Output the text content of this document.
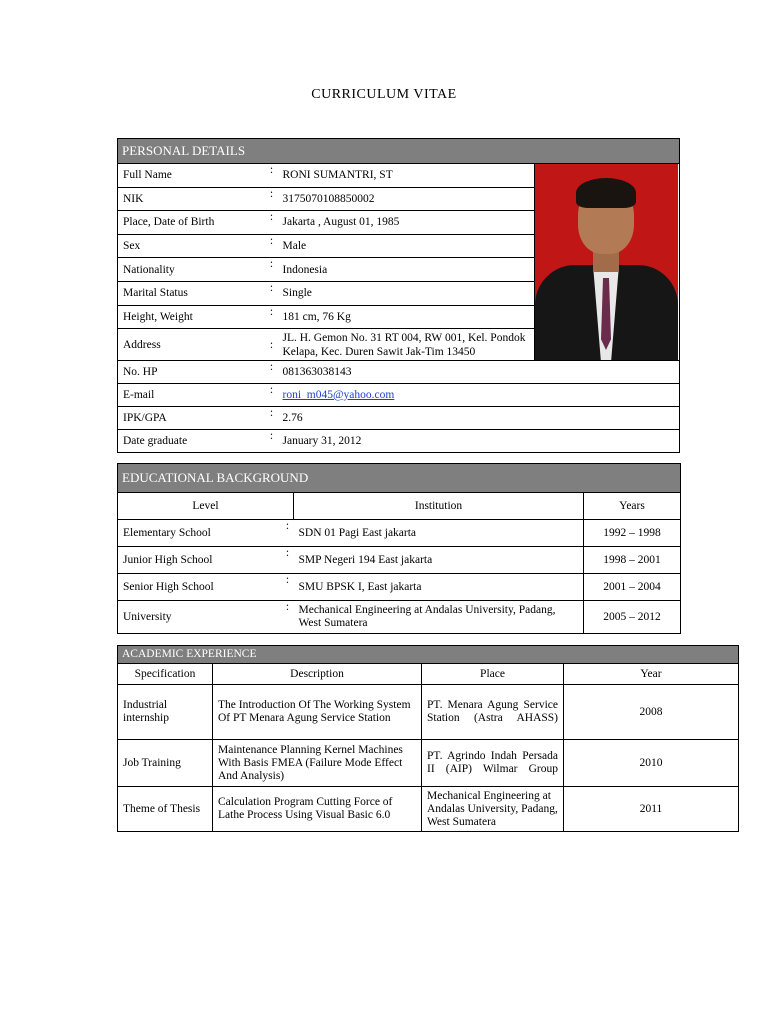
CURRICULUM VITAE
PERSONAL DETAILS			
Full Name	:	RONI SUMANTRI, ST	

NIK	:	3175070108850002	
Place, Date of Birth	:	Jakarta , August 01, 1985	
Sex	:	Male	
Nationality	:	Indonesia	
Marital Status	:	Single	
Height, Weight	:	181 cm, 76 Kg	
Address	:	JL. H. Gemon No. 31 RT 004, RW 001, Kel. Pondok Kelapa, Kec. Duren Sawit Jak-Tim 13450	
No. HP	:	081363038143	
E-mail	:	roni_m045@yahoo.com	
IPK/GPA	:	2.76	
Date graduate	:	January 31, 2012	
EDUCATIONAL BACKGROUND			
Level		Institution	Years
Elementary School	:	SDN 01 Pagi East jakarta	1992 – 1998
Junior High School	:	SMP Negeri 194 East jakarta	1998 – 2001
Senior High School	:	SMU BPSK I, East jakarta	2001 – 2004
University	:	Mechanical Engineering at Andalas University, Padang, West Sumatera	2005 – 2012
ACADEMIC EXPERIENCE			
Specification	Description	Place	Year
Industrial internship	The Introduction Of The Working System Of PT Menara Agung Service Station	PT. Menara Agung Service Station (Astra AHASS)	2008
Job Training	Maintenance Planning Kernel Machines With Basis FMEA (Failure Mode Effect And Analysis)	PT. Agrindo Indah Persada II (AIP) Wilmar Group	2010
Theme of Thesis	Calculation Program Cutting Force of Lathe Process Using Visual Basic 6.0	Mechanical Engineering at Andalas University, Padang, West Sumatera	2011
